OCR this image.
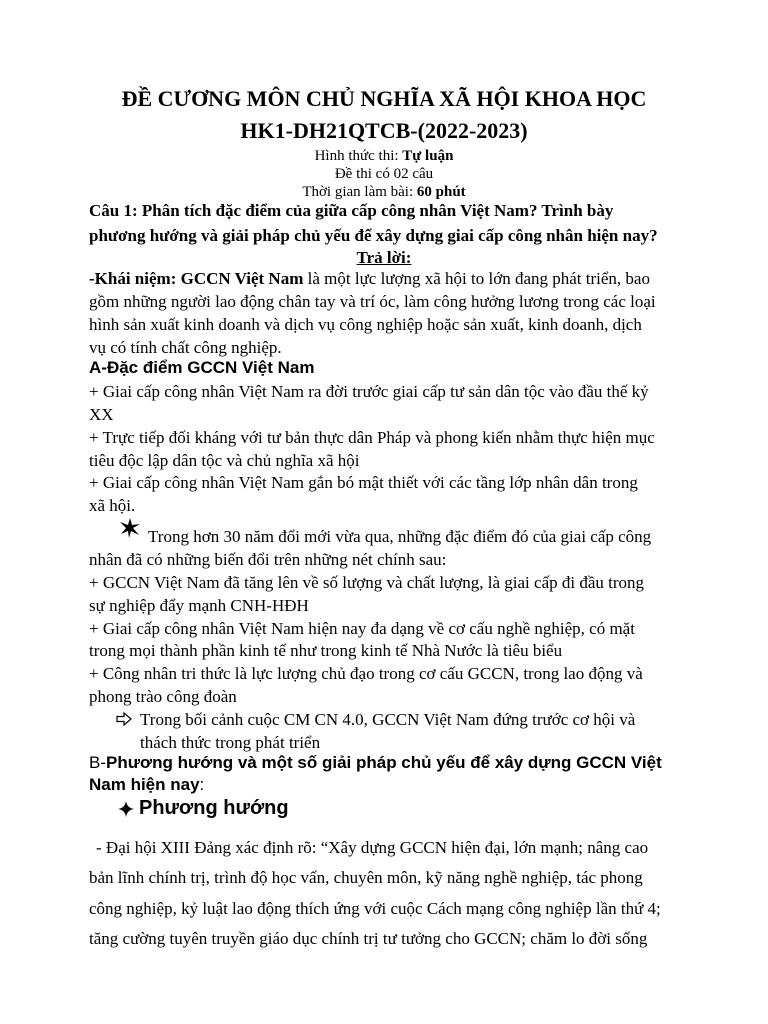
ĐỀ CƯƠNG MÔN CHỦ NGHĨA XÃ HỘI KHOA HỌC
HK1-DH21QTCB-(2022-2023)
Hình thức thi: Tự luận
Đề thi có 02 câu
Thời gian làm bài: 60 phút
Câu 1: Phân tích đặc điểm của giữa cấp công nhân Việt Nam? Trình bày
phương hướng và giải pháp chủ yếu để xây dựng giai cấp công nhân hiện nay?
Trả lời:
-Khái niệm: GCCN Việt Nam là một lực lượng xã hội to lớn đang phát triển, bao
gồm những người lao động chân tay và trí óc, làm công hưởng lương trong các loại
hình sản xuất kinh doanh và dịch vụ công nghiệp hoặc sản xuất, kinh doanh, dịch
vụ có tính chất công nghiệp.
A-Đặc điểm GCCN Việt Nam
+ Giai cấp công nhân Việt Nam ra đời trước giai cấp tư sản dân tộc vào đầu thế kỷ
XX
+ Trực tiếp đối kháng với tư bản thực dân Pháp và phong kiến nhằm thực hiện mục
tiêu độc lập dân tộc và chủ nghĩa xã hội
+ Giai cấp công nhân Việt Nam gắn bó mật thiết với các tầng lớp nhân dân trong
xã hội.
Trong hơn 30 năm đổi mới vừa qua, những đặc điểm đó của giai cấp công
nhân đã có những biến đổi trên những nét chính sau:
+ GCCN Việt Nam đã tăng lên về số lượng và chất lượng, là giai cấp đi đầu trong
sự nghiệp đẩy mạnh CNH-HĐH
+ Giai cấp công nhân Việt Nam hiện nay đa dạng về cơ cấu nghề nghiệp, có mặt
trong mọi thành phần kinh tế như trong kinh tế Nhà Nước là tiêu biểu
+ Công nhân tri thức là lực lượng chủ đạo trong cơ cấu GCCN, trong lao động và
phong trào công đoàn
Trong bối cảnh cuộc CM CN 4.0, GCCN Việt Nam đứng trước cơ hội và
thách thức trong phát triển
B-Phương hướng và một số giải pháp chủ yếu để xây dựng GCCN Việt
Nam hiện nay:
Phương hướng
- Đại hội XIII Đảng xác định rõ: “Xây dựng GCCN hiện đại, lớn mạnh; nâng cao
bản lĩnh chính trị, trình độ học vấn, chuyên môn, kỹ năng nghề nghiệp, tác phong
công nghiệp, kỷ luật lao động thích ứng với cuộc Cách mạng công nghiệp lần thứ 4;
tăng cường tuyên truyền giáo dục chính trị tư tưởng cho GCCN; chăm lo đời sống
